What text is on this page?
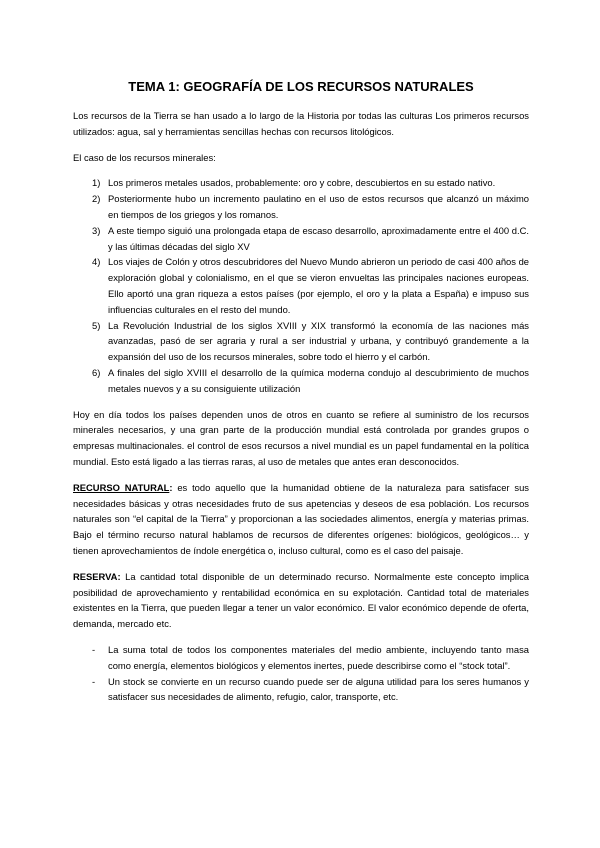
TEMA 1: GEOGRAFÍA DE LOS RECURSOS NATURALES

Los recursos de la Tierra se han usado a lo largo de la Historia por todas las culturas Los primeros recursos utilizados: agua, sal y herramientas sencillas hechas con recursos litológicos.

El caso de los recursos minerales:

1) Los primeros metales usados, probablemente: oro y cobre, descubiertos en su estado nativo.
2) Posteriormente hubo un incremento paulatino en el uso de estos recursos que alcanzó un máximo en tiempos de los griegos y los romanos.
3) A este tiempo siguió una prolongada etapa de escaso desarrollo, aproximadamente entre el 400 d.C. y las últimas décadas del siglo XV
4) Los viajes de Colón y otros descubridores del Nuevo Mundo abrieron un periodo de casi 400 años de exploración global y colonialismo, en el que se vieron envueltas las principales naciones europeas. Ello aportó una gran riqueza a estos países (por ejemplo, el oro y la plata a España) e impuso sus influencias culturales en el resto del mundo.
5) La Revolución Industrial de los siglos XVIII y XIX transformó la economía de las naciones más avanzadas, pasó de ser agraria y rural a ser industrial y urbana, y contribuyó grandemente a la expansión del uso de los recursos minerales, sobre todo el hierro y el carbón.
6) A finales del siglo XVIII el desarrollo de la química moderna condujo al descubrimiento de muchos metales nuevos y a su consiguiente utilización

Hoy en día todos los países dependen unos de otros en cuanto se refiere al suministro de los recursos minerales necesarios, y una gran parte de la producción mundial está controlada por grandes grupos o empresas multinacionales. el control de esos recursos a nivel mundial es un papel fundamental en la política mundial. Esto está ligado a las tierras raras, al uso de metales que antes eran desconocidos.

RECURSO NATURAL: es todo aquello que la humanidad obtiene de la naturaleza para satisfacer sus necesidades básicas y otras necesidades fruto de sus apetencias y deseos de esa población. Los recursos naturales son “el capital de la Tierra” y proporcionan a las sociedades alimentos, energía y materias primas. Bajo el término recurso natural hablamos de recursos de diferentes orígenes: biológicos, geológicos… y tienen aprovechamientos de índole energética o, incluso cultural, como es el caso del paisaje.

RESERVA: La cantidad total disponible de un determinado recurso. Normalmente este concepto implica posibilidad de aprovechamiento y rentabilidad económica en su explotación. Cantidad total de materiales existentes en la Tierra, que pueden llegar a tener un valor económico. El valor económico depende de oferta, demanda, mercado etc.

- La suma total de todos los componentes materiales del medio ambiente, incluyendo tanto masa como energía, elementos biológicos y elementos inertes, puede describirse como el “stock total”.
- Un stock se convierte en un recurso cuando puede ser de alguna utilidad para los seres humanos y satisfacer sus necesidades de alimento, refugio, calor, transporte, etc.
